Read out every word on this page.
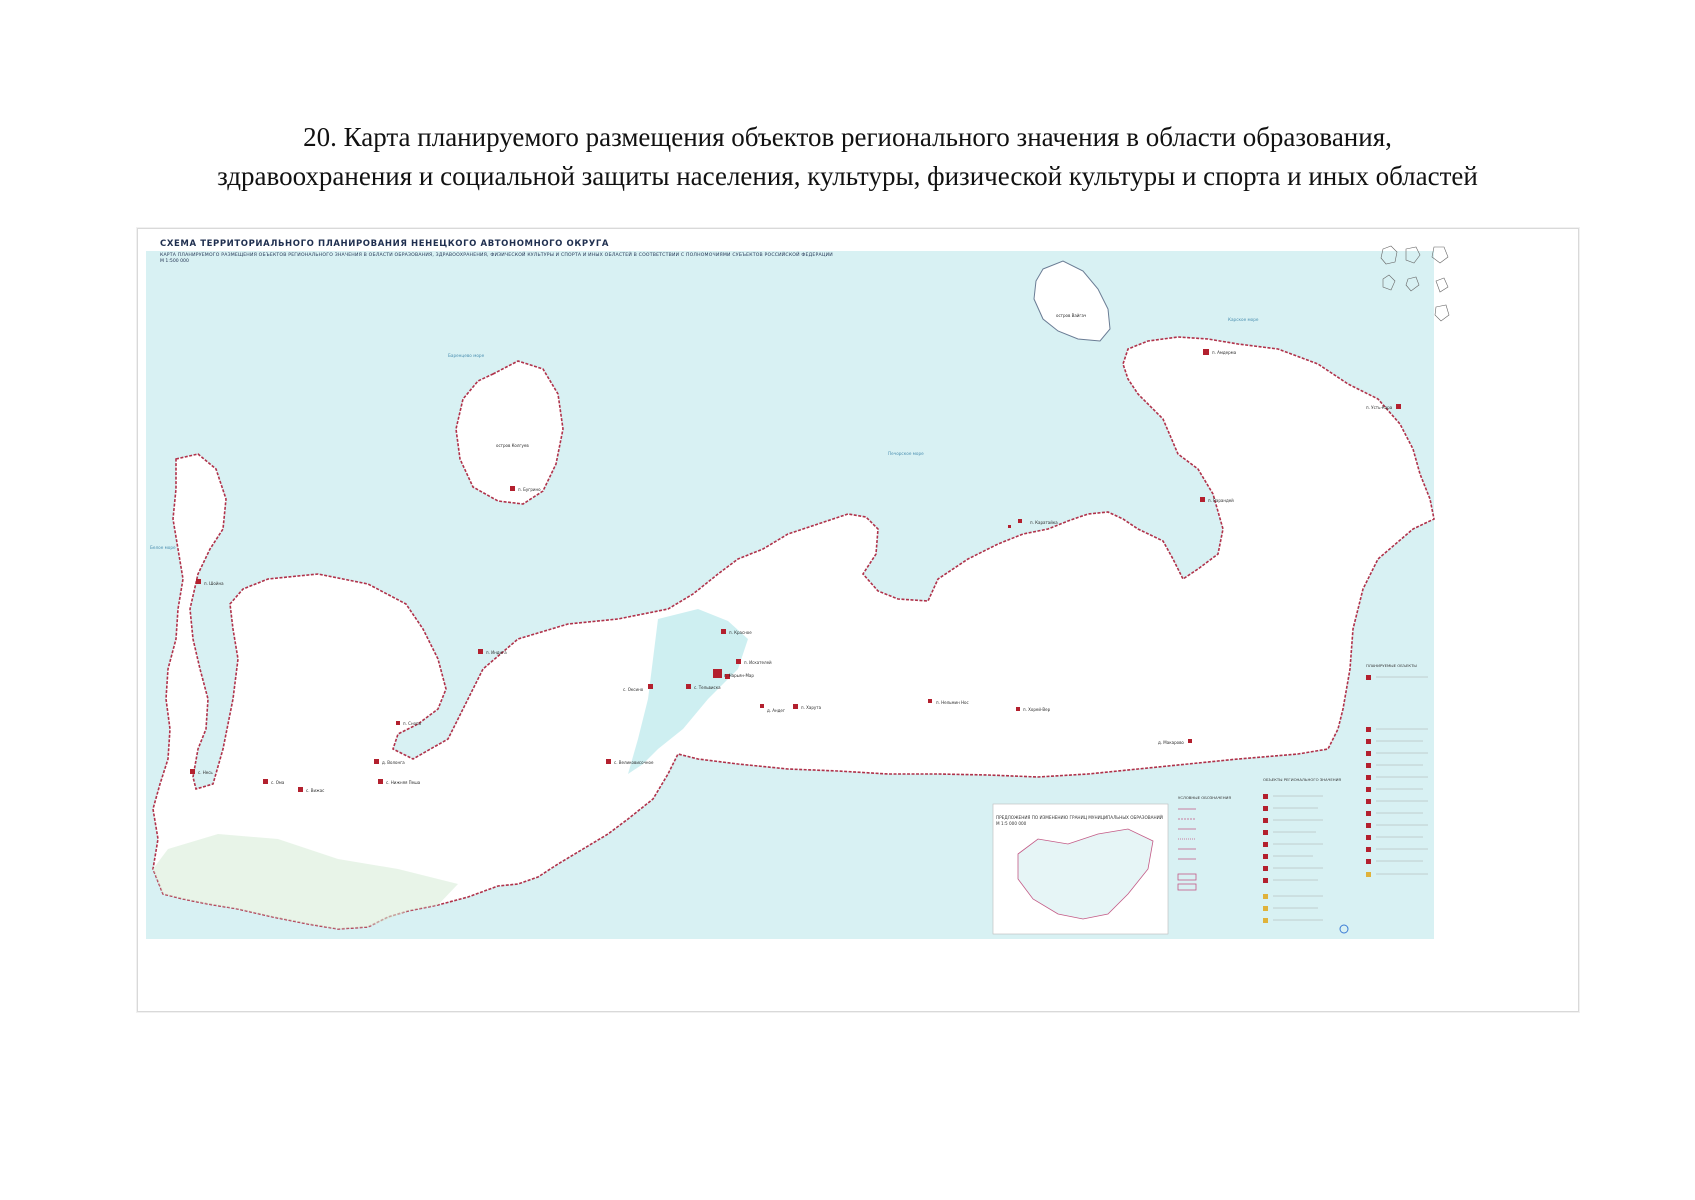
20. Карта планируемого размещения объектов регионального значения в области образования,
здравоохранения и социальной защиты населения, культуры, физической культуры и спорта и иных областей
Баренцево море
Печорское море
Белое море
Карское море
остров Колгуев
остров Вайгач
г. Нарьян-Мар
п. Бугрино
п. Амдерма
п. Усть-Кара
п. Варандей
п. Хорей-Вер
п. Шойна
с. Несь
с. Ома
с. Вижас
с. Нижняя Пеша
д. Волонга
п. Снопа
п. Индига
с. Великовисочное
п. Красное
п. Искателей
с. Оксино	с. Тельвиска
п. Харута
д. Андег
п. Нельмин Нос
д. Макарово
п. Каратайка
ПРЕДЛОЖЕНИЯ ПО ИЗМЕНЕНИЮ ГРАНИЦ МУНИЦИПАЛЬНЫХ ОБРАЗОВАНИЙ
М 1:5 000 000
УСЛОВНЫЕ ОБОЗНАЧЕНИЯ
ОБЪЕКТЫ РЕГИОНАЛЬНОГО ЗНАЧЕНИЯ
ПЛАНИРУЕМЫЕ ОБЪЕКТЫ
СХЕМА ТЕРРИТОРИАЛЬНОГО ПЛАНИРОВАНИЯ НЕНЕЦКОГО АВТОНОМНОГО ОКРУГА
КАРТА ПЛАНИРУЕМОГО РАЗМЕЩЕНИЯ ОБЪЕКТОВ РЕГИОНАЛЬНОГО ЗНАЧЕНИЯ В ОБЛАСТИ ОБРАЗОВАНИЯ, ЗДРАВООХРАНЕНИЯ, ФИЗИЧЕСКОЙ КУЛЬТУРЫ И СПОРТА И ИНЫХ ОБЛАСТЕЙ В СООТВЕТСТВИИ С ПОЛНОМОЧИЯМИ СУБЪЕКТОВ РОССИЙСКОЙ ФЕДЕРАЦИИ
М 1:500 000
